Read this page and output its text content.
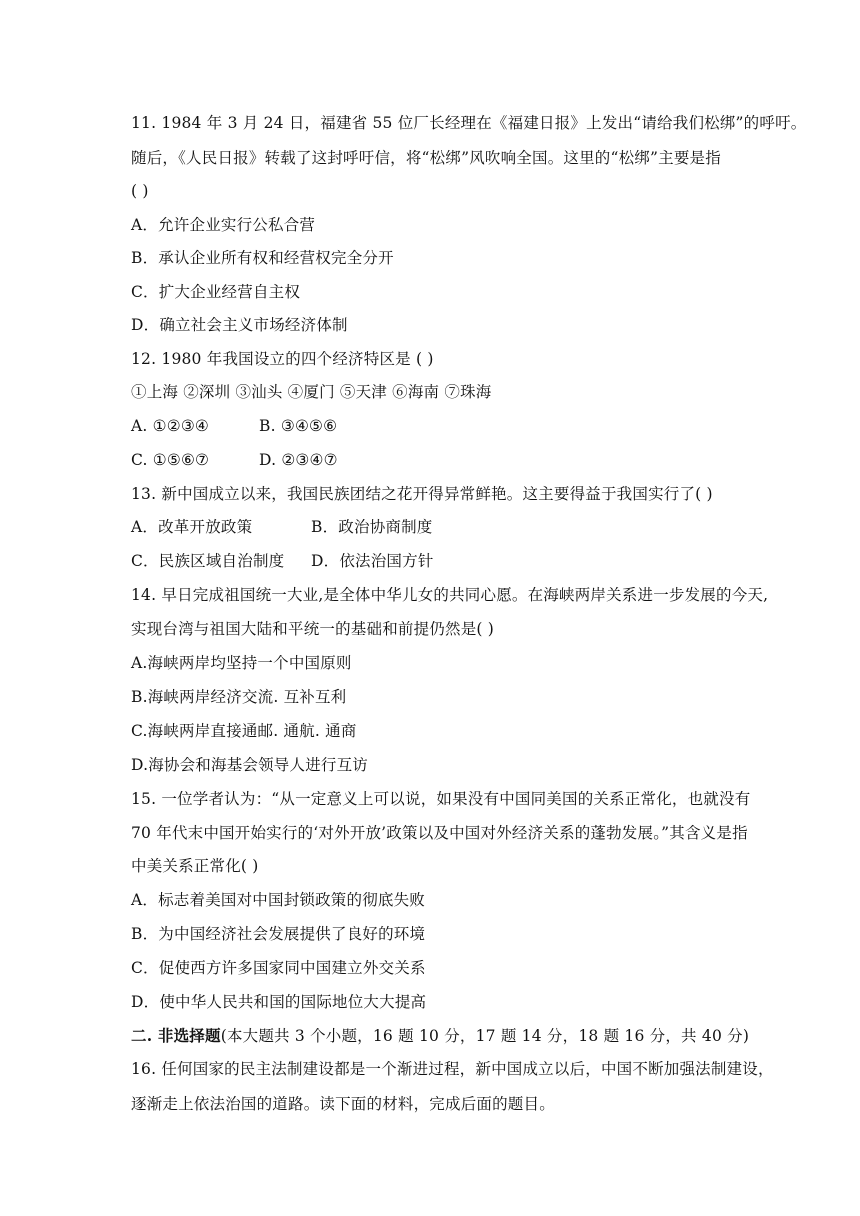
11. 1984 年 3 月 24 日，福建省 55 位厂长经理在《福建日报》上发出“请给我们松绑”的呼吁。
随后，《人民日报》转载了这封呼吁信，将“松绑”风吹响全国。这里的“松绑”主要是指
( )
A．允许企业实行公私合营
B．承认企业所有权和经营权完全分开
C．扩大企业经营自主权
D．确立社会主义市场经济体制
12. 1980 年我国设立的四个经济特区是 ( )
①上海 ②深圳 ③汕头 ④厦门 ⑤天津 ⑥海南 ⑦珠海
A. ①②③④	B. ③④⑤⑥
C. ①⑤⑥⑦	D. ②③④⑦
13. 新中国成立以来，我国民族团结之花开得异常鲜艳。这主要得益于我国实行了( )
A．改革开放政策	B．政治协商制度
C．民族区域自治制度 D．依法治国方针
14. 早日完成祖国统一大业,是全体中华儿女的共同心愿。在海峡两岸关系进一步发展的今天,
实现台湾与祖国大陆和平统一的基础和前提仍然是( )
A.海峡两岸均坚持一个中国原则
B.海峡两岸经济交流. 互补互利
C.海峡两岸直接通邮. 通航. 通商
D.海协会和海基会领导人进行互访
15. 一位学者认为：“从一定意义上可以说，如果没有中国同美国的关系正常化，也就没有
70 年代末中国开始实行的‘对外开放’政策以及中国对外经济关系的蓬勃发展。”其含义是指
中美关系正常化( )
A．标志着美国对中国封锁政策的彻底失败
B．为中国经济社会发展提供了良好的环境
C．促使西方许多国家同中国建立外交关系
D．使中华人民共和国的国际地位大大提高
二. 非选择题(本大题共 3 个小题，16 题 10 分，17 题 14 分，18 题 16 分，共 40 分)
16. 任何国家的民主法制建设都是一个渐进过程，新中国成立以后，中国不断加强法制建设，
逐渐走上依法治国的道路。读下面的材料，完成后面的题目。
